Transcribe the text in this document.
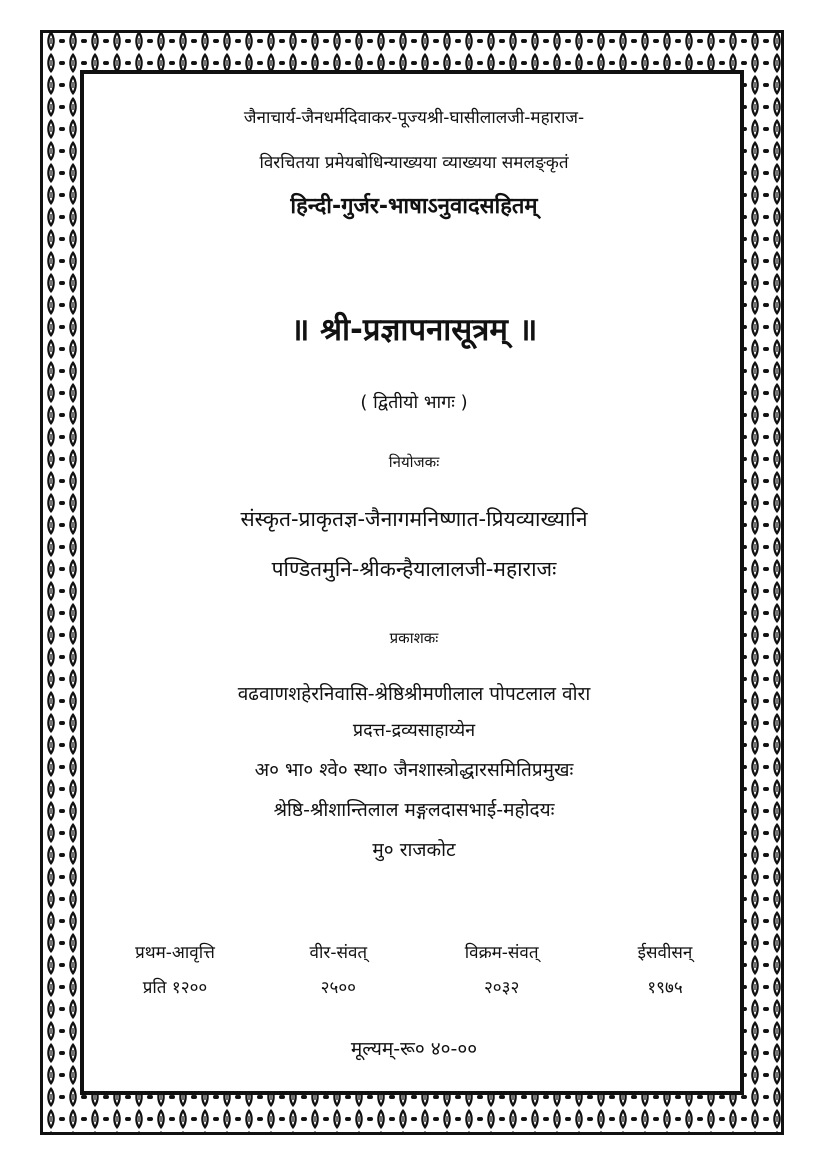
जैनाचार्य-जैनधर्मदिवाकर-पूज्यश्री-घासीलालजी-महाराज-
विरचितया प्रमेयबोधिन्याख्यया व्याख्यया समलङ्कृतं
हिन्दी-गुर्जर-भाषाऽनुवादसहितम्
॥ श्री-प्रज्ञापनासूत्रम् ॥
( द्वितीयो भागः )
नियोजकः
संस्कृत-प्राकृतज्ञ-जैनागमनिष्णात-प्रियव्याख्यानि
पण्डितमुनि-श्रीकन्हैयालालजी-महाराजः
प्रकाशकः
वढवाणशहेरनिवासि-श्रेष्ठिश्रीमणीलाल पोपटलाल वोरा
प्रदत्त-द्रव्यसाहाय्येन
अ० भा० श्वे० स्था० जैनशास्त्रोद्धारसमितिप्रमुखः
श्रेष्ठि-श्रीशान्तिलाल मङ्गलदासभाई-महोदयः
मु० राजकोट
प्रथम-आवृत्ति	वीर-संवत्	विक्रम-संवत्	ईसवीसन्
प्रति १२००	२५००	२०३२	१९७५
मूल्यम्-रू० ४०-००
